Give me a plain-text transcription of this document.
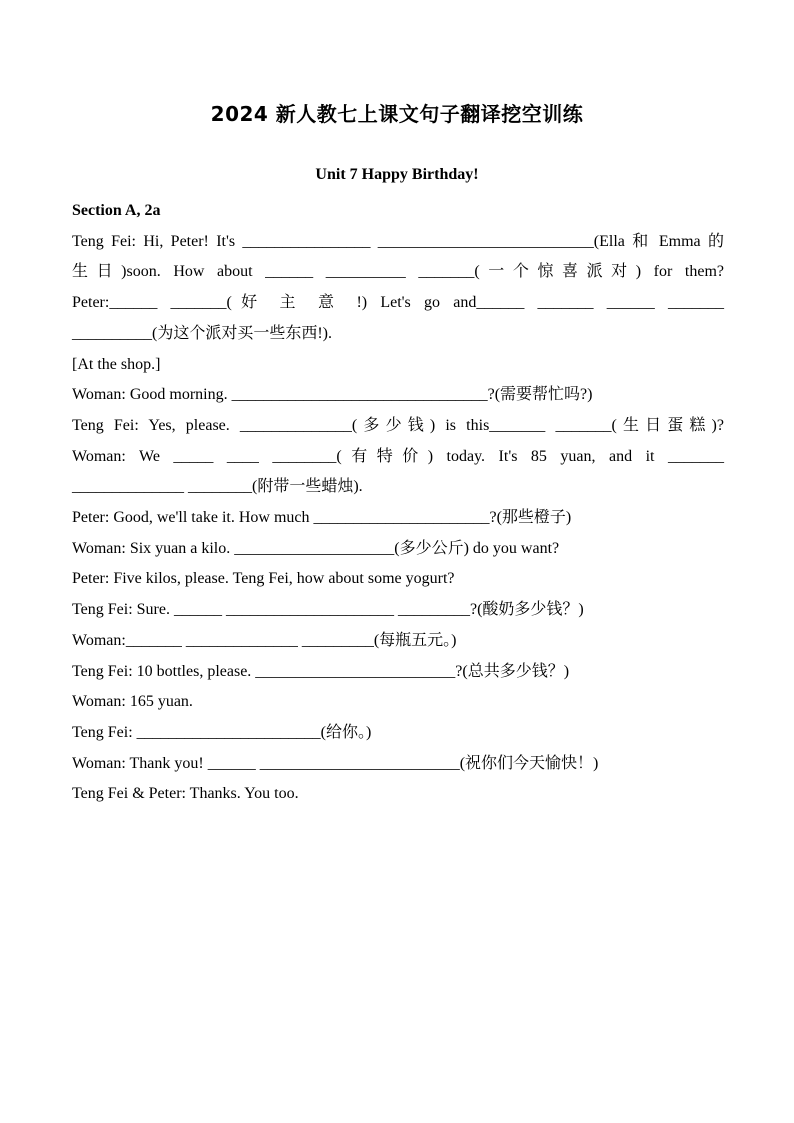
2024 新人教七上课文句子翻译挖空训练
Unit 7 Happy Birthday!
Section A, 2a
Teng Fei: Hi, Peter! It's ________________ ___________________________(Ella 和 Emma 的
生日)soon. How about ______ __________ _______(一个惊喜派对) for them?
Peter:______ _______(好 主 意 !) Let's go and______ _______ ______ _______
__________(为这个派对买一些东西!).
[At the shop.]
Woman: Good morning. ________________________________?(需要帮忙吗?)
Teng Fei: Yes, please. ______________(多少钱) is this_______ _______(生日蛋糕)?
Woman: We _____ ____ ________(有特价) today. It's 85 yuan, and it _______
______________ ________(附带一些蜡烛).
Peter: Good, we'll take it. How much ______________________?(那些橙子)
Woman: Six yuan a kilo. ____________________(多少公斤) do you want?
Peter: Five kilos, please. Teng Fei, how about some yogurt?
Teng Fei: Sure. ______ _____________________ _________?(酸奶多少钱？)
Woman:_______ ______________ _________(每瓶五元。)
Teng Fei: 10 bottles, please. _________________________?(总共多少钱？)
Woman: 165 yuan.
Teng Fei: _______________________(给你。)
Woman: Thank you! ______ _________________________(祝你们今天愉快！)
Teng Fei & Peter: Thanks. You too.
